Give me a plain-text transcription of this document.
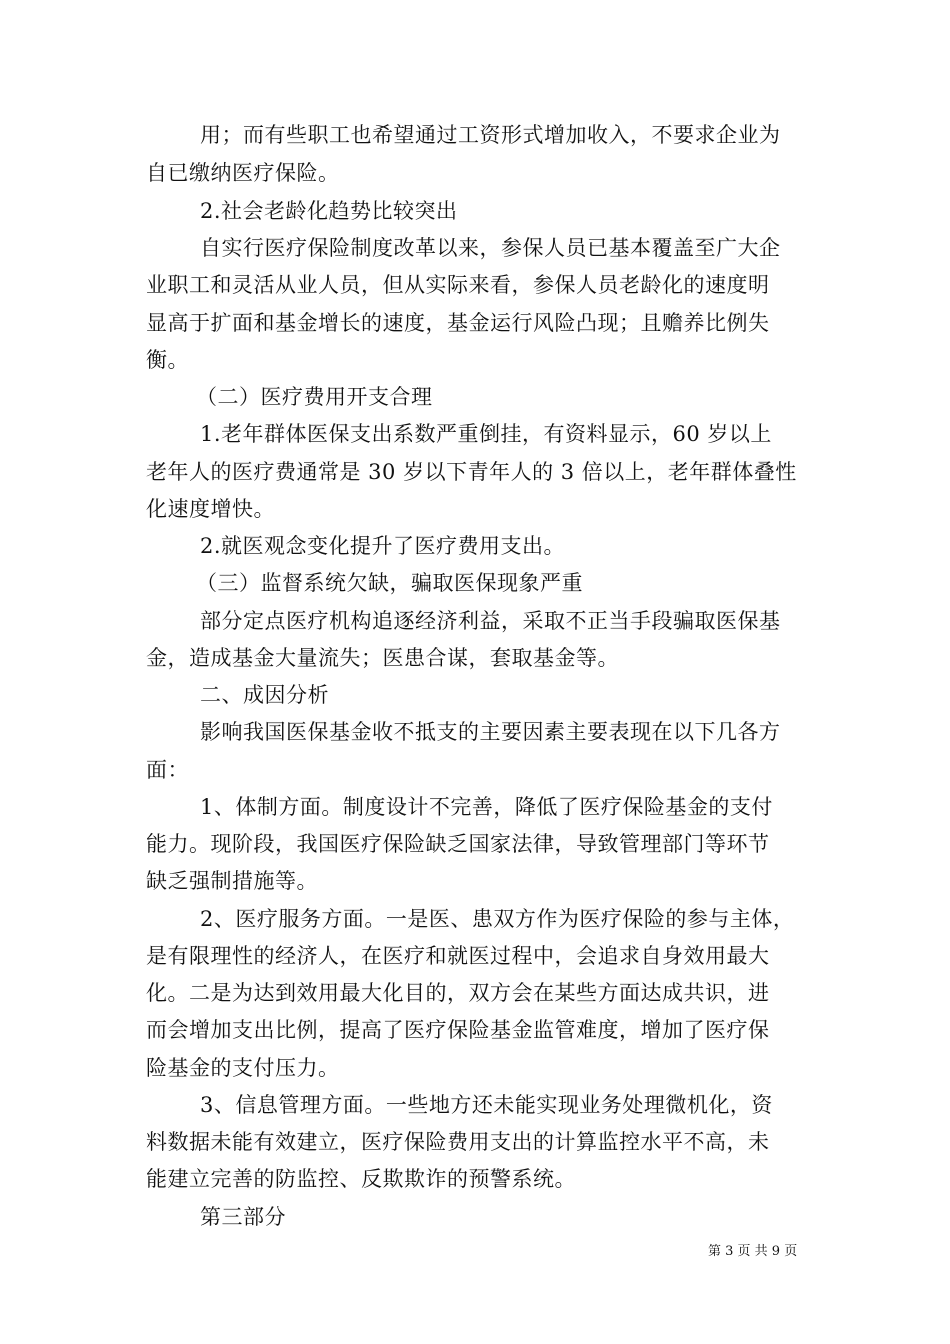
用；而有些职工也希望通过工资形式增加收入，不要求企业为
自已缴纳医疗保险。
2.社会老龄化趋势比较突出
自实行医疗保险制度改革以来，参保人员已基本覆盖至广大企
业职工和灵活从业人员，但从实际来看，参保人员老龄化的速度明
显高于扩面和基金增长的速度，基金运行风险凸现；且赡养比例失
衡。
（二）医疗费用开支合理
1.老年群体医保支出系数严重倒挂，有资料显示，60 岁以上
老年人的医疗费通常是 30 岁以下青年人的 3 倍以上，老年群体叠性
化速度增快。
2.就医观念变化提升了医疗费用支出。
（三）监督系统欠缺，骗取医保现象严重
部分定点医疗机构追逐经济利益，采取不正当手段骗取医保基
金，造成基金大量流失；医患合谋，套取基金等。
二、成因分析
影响我国医保基金收不抵支的主要因素主要表现在以下几各方
面：
1、体制方面。制度设计不完善，降低了医疗保险基金的支付
能力。现阶段，我国医疗保险缺乏国家法律，导致管理部门等环节
缺乏强制措施等。
2、医疗服务方面。一是医、患双方作为医疗保险的参与主体，
是有限理性的经济人，在医疗和就医过程中，会追求自身效用最大
化。二是为达到效用最大化目的，双方会在某些方面达成共识，进
而会增加支出比例，提高了医疗保险基金监管难度，增加了医疗保
险基金的支付压力。
3、信息管理方面。一些地方还未能实现业务处理微机化，资
料数据未能有效建立，医疗保险费用支出的计算监控水平不高，未
能建立完善的防监控、反欺欺诈的预警系统。
第三部分
第 3 页 共 9 页
